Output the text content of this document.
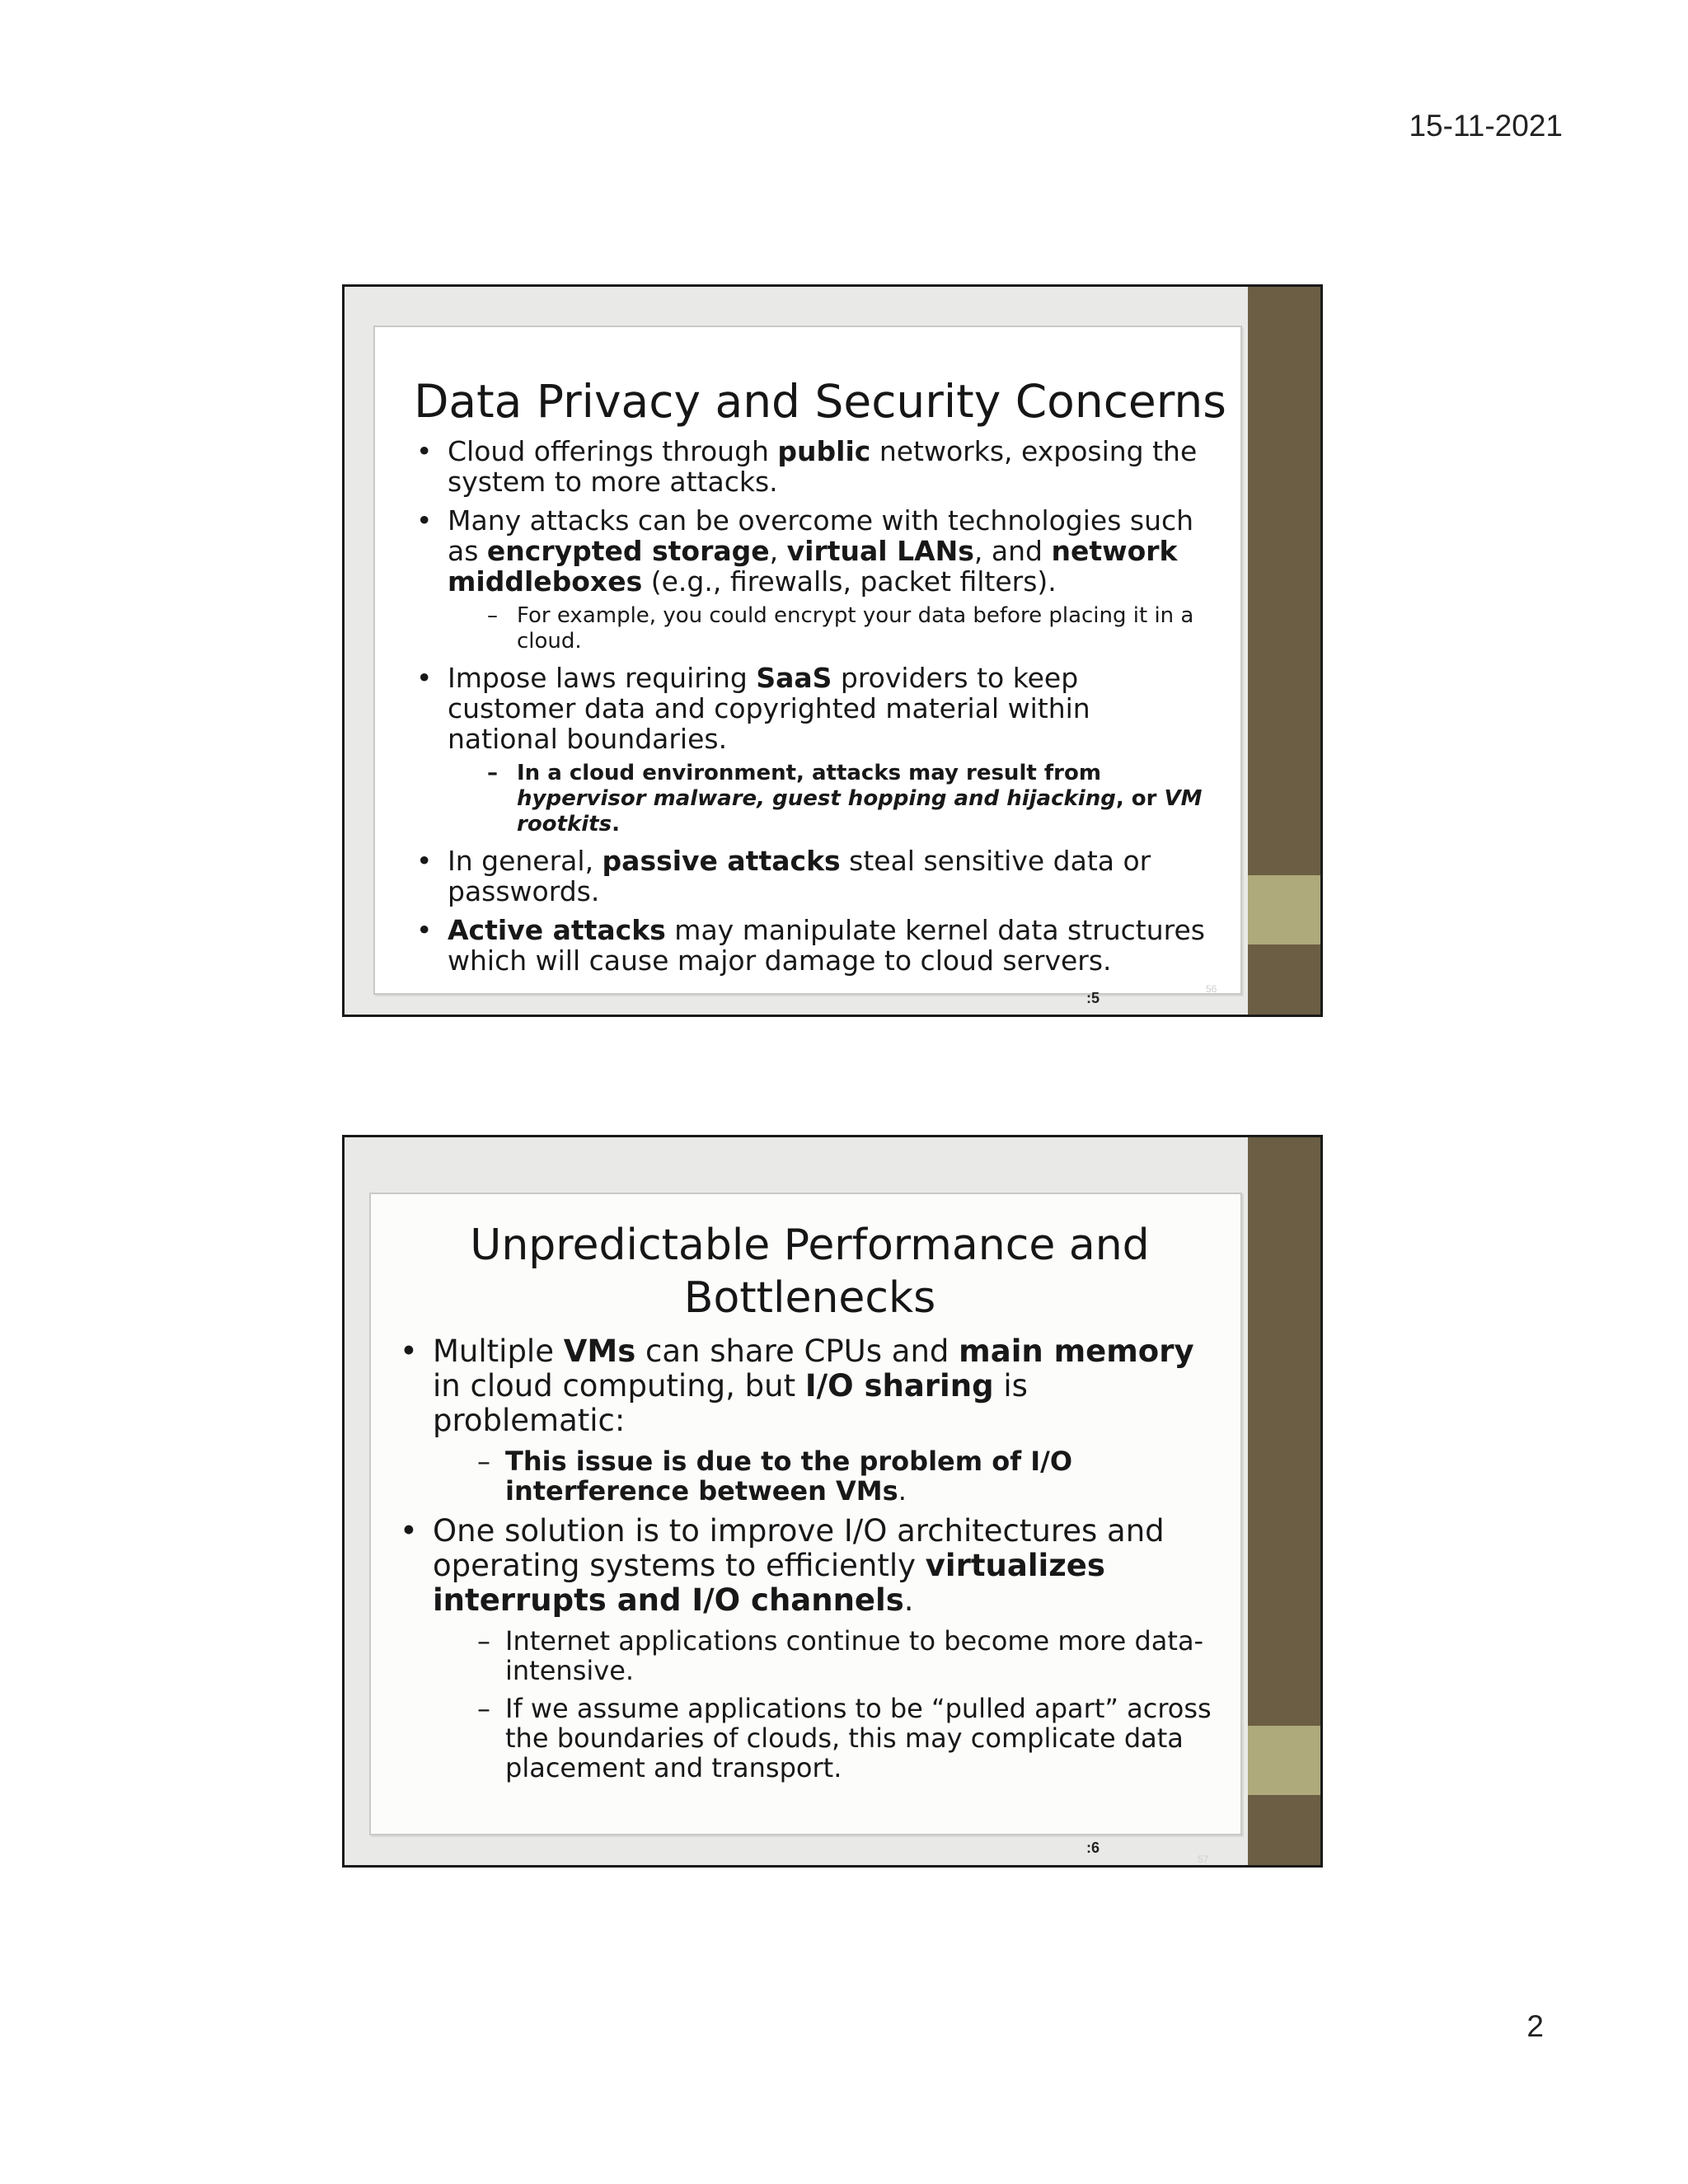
15-11-2021
Data Privacy and Security Concerns
• Cloud offerings through public networks, exposing the system to more attacks.
• Many attacks can be overcome with technologies such as encrypted storage, virtual LANs, and network middleboxes (e.g., firewalls, packet filters).
– For example, you could encrypt your data before placing it in a cloud.
• Impose laws requiring SaaS providers to keep customer data and copyrighted material within national boundaries.
– In a cloud environment, attacks may result from hypervisor malware, guest hopping and hijacking, or VM rootkits.
• In general, passive attacks steal sensitive data or passwords.
• Active attacks may manipulate kernel data structures which will cause major damage to cloud servers.
56
:5
Unpredictable Performance and
Bottlenecks
• Multiple VMs can share CPUs and main memory in cloud computing, but I/O sharing is problematic:
– This issue is due to the problem of I/O interference between VMs.
• One solution is to improve I/O architectures and operating systems to efficiently virtualizes interrupts and I/O channels.
– Internet applications continue to become more data-intensive.
– If we assume applications to be “pulled apart” across the boundaries of clouds, this may complicate data placement and transport.
57
:6
2
